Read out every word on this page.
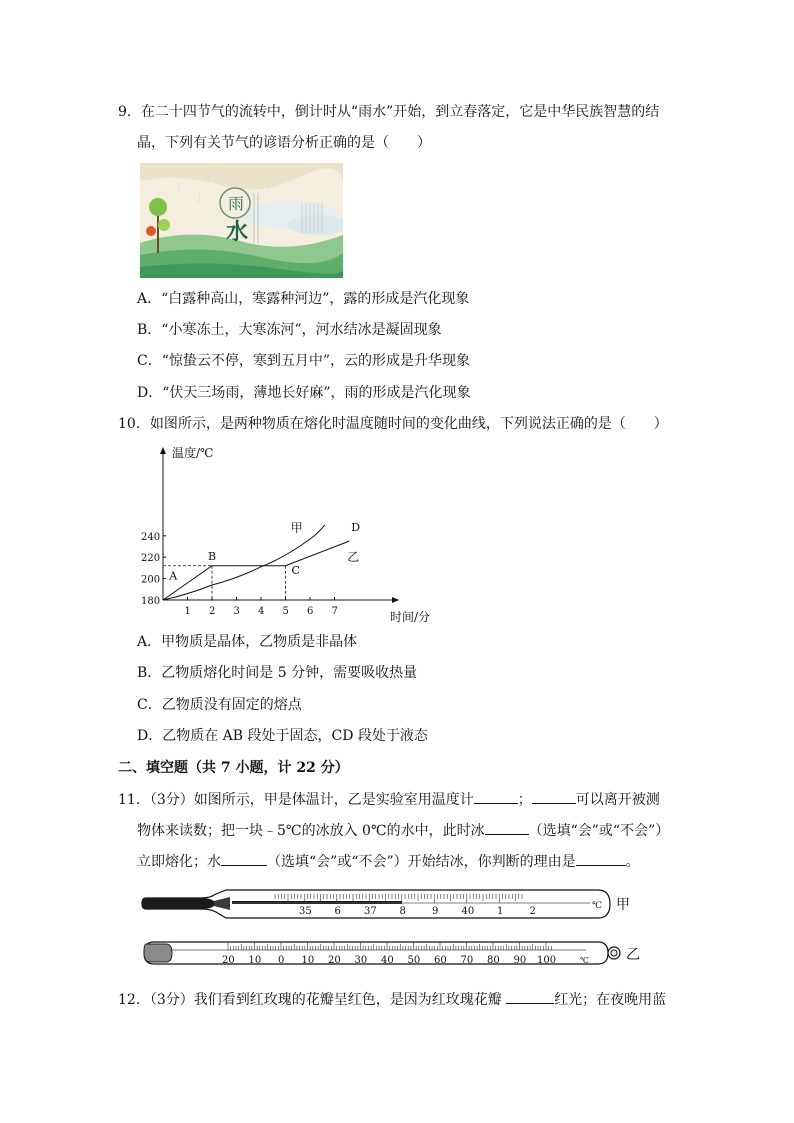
9．在二十四节气的流转中，倒计时从“雨水”开始，到立春落定，它是中华民族智慧的结
晶，下列有关节气的谚语分析正确的是（　　）
雨
水
A．“白露种高山，寒露种河边”，露的形成是汽化现象
B．“小寒冻土，大寒冻河”，河水结冰是凝固现象
C．“惊蛰云不停，寒到五月中”，云的形成是升华现象
D．“伏天三场雨，薄地长好麻”，雨的形成是汽化现象
10．如图所示，是两种物质在熔化时温度随时间的变化曲线，下列说法正确的是（　　）
温度/℃
时间/分
1 2 3 4 5 6 7
180
200
220
240
甲
乙
A
B
C
D
A．甲物质是晶体，乙物质是非晶体
B．乙物质熔化时间是 5 分钟，需要吸收热量
C．乙物质没有固定的熔点
D．乙物质在 AB 段处于固态，CD 段处于液态
二、填空题（共 7 小题，计 22 分）
11．（3分）如图所示，甲是体温计，乙是实验室用温度计	；	可以离开被测
物体来读数；把一块﹣5℃的冰放入 0℃的水中，此时冰	（选填“会”或“不会”）
立即熔化；水	（选填“会”或“不会”）开始结冰，你判断的理由是	。
35 6 37 8	9 40 1	2	℃ 甲
20 10 0 10 20 30 40 50 60 70 80 90 100	℃	乙
12．（3分）我们看到红玫瑰的花瓣呈红色，是因为红玫瑰花瓣	红光；在夜晚用蓝
